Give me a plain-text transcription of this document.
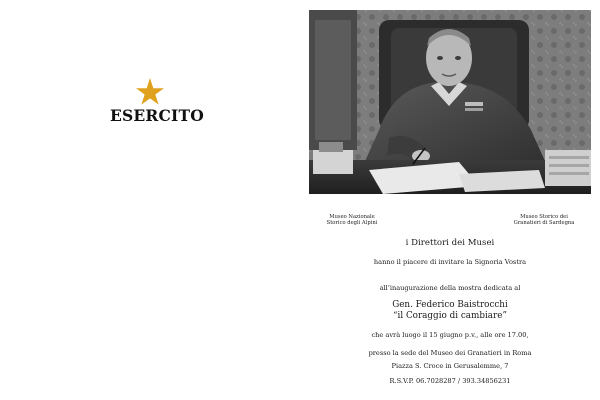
ESERCITO
Museo Nazionale
Storico degli Alpini
Museo Storico dei
Granatieri di Sardegna
i Direttori dei Musei
hanno il piacere di invitare la Signoria Vostra
all’inaugurazione della mostra dedicata al
Gen. Federico Baistrocchi
“il Coraggio di cambiare”
che avrà luogo il 15 giugno p.v., alle ore 17.00,
presso la sede del Museo dei Granatieri in Roma
Piazza S. Croce in Gerusalemme, 7
R.S.V.P. 06.7028287 / 393.34856231
